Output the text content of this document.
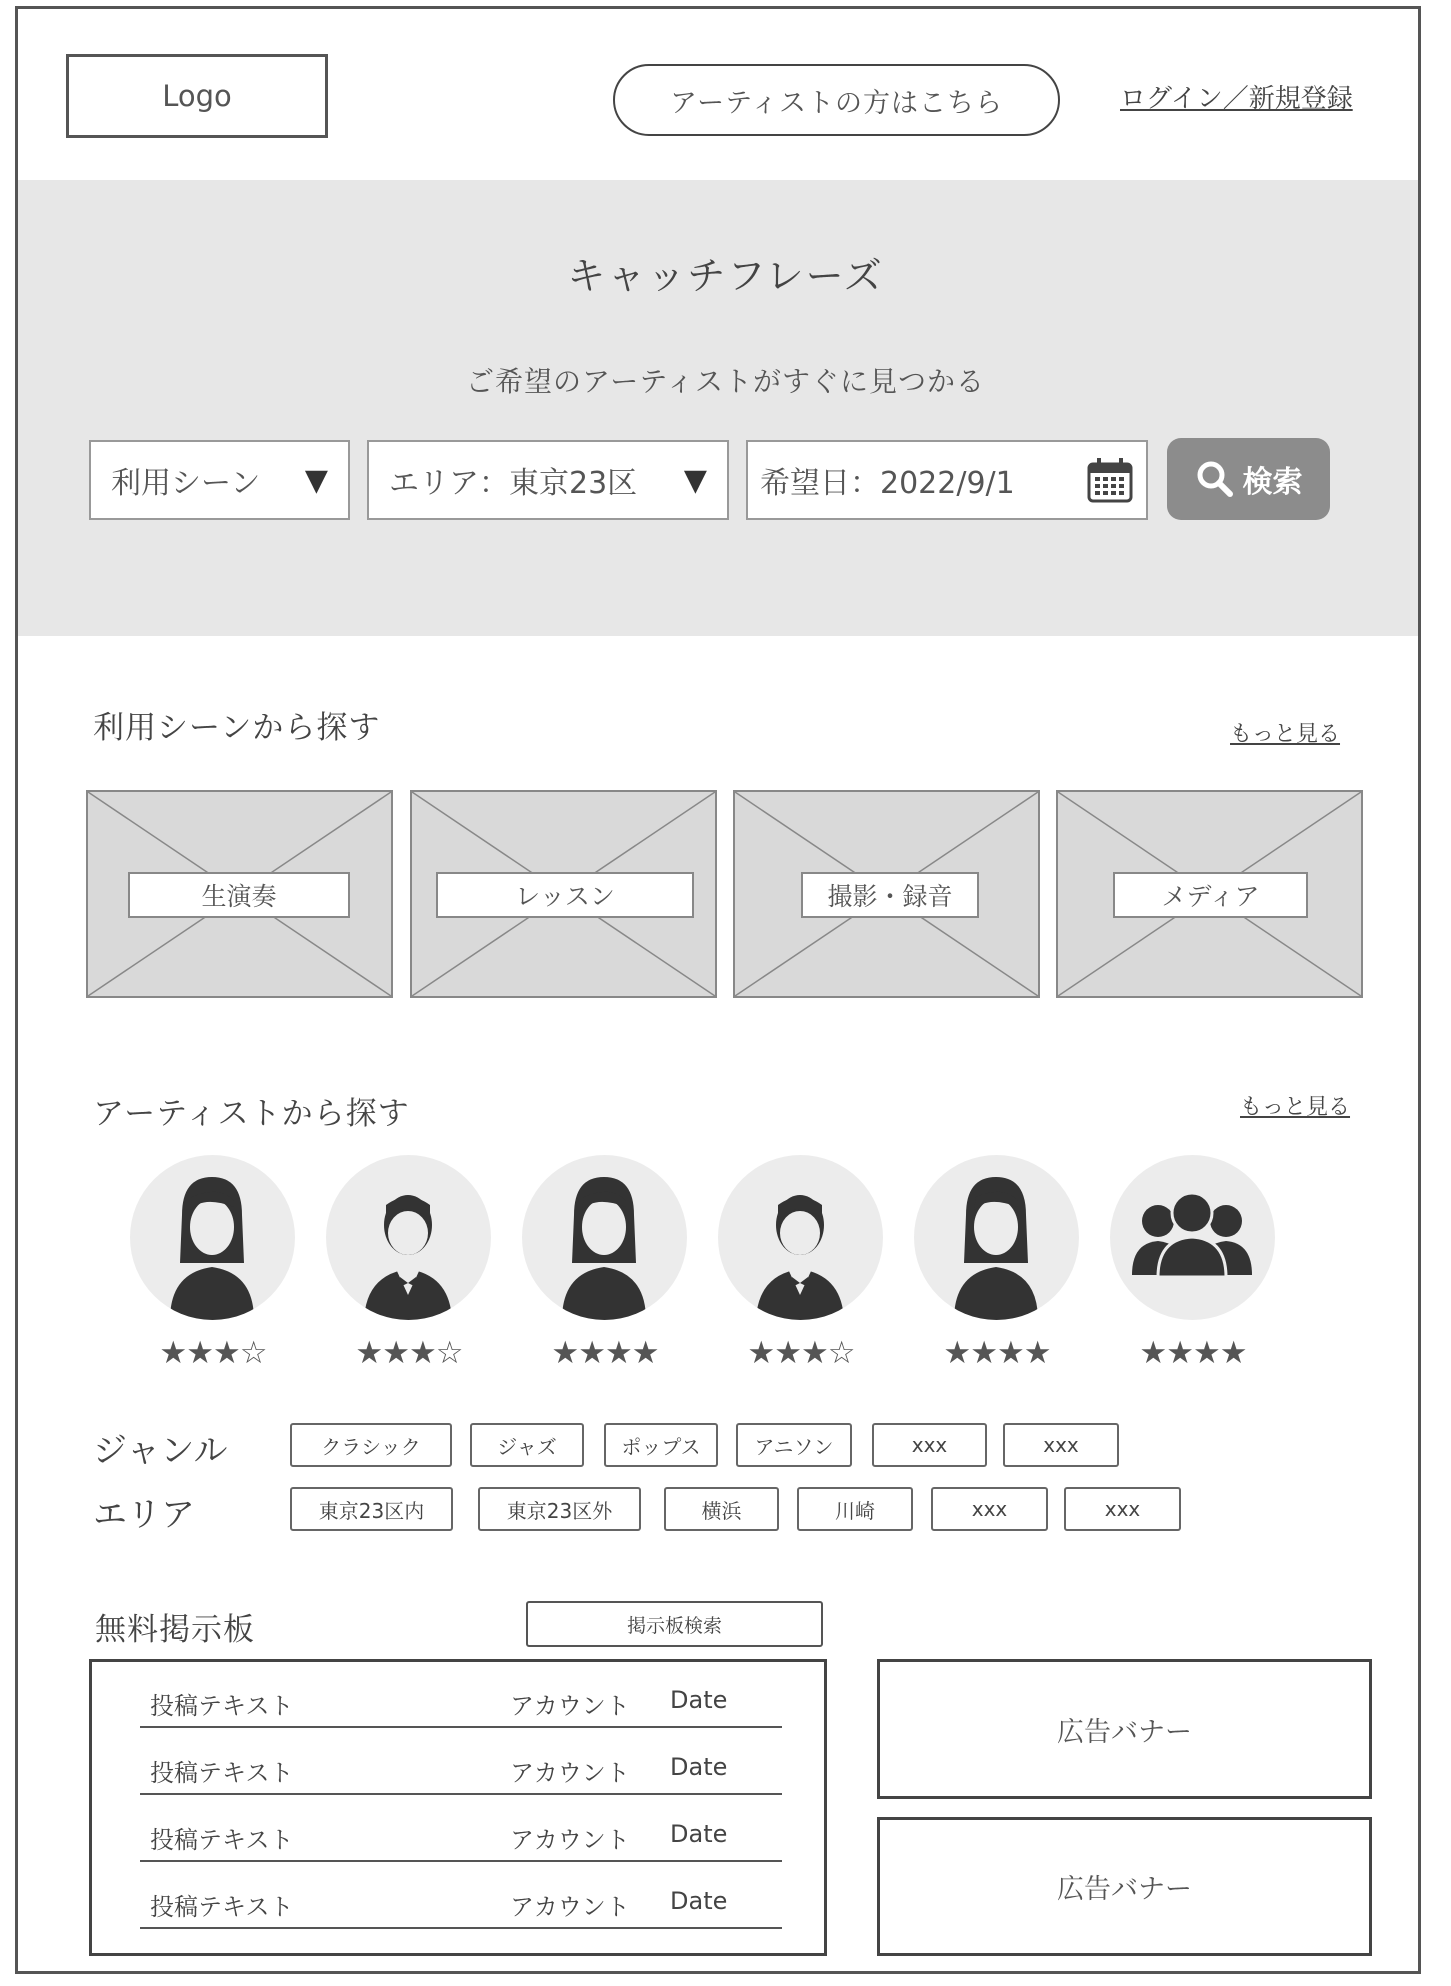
Logo	アーティストの方はこちら	ログイン／新規登録
キャッチフレーズ
ご希望のアーティストがすぐに見つかる
利用シーン ▼ エリア：東京23区 ▼ 希望日：2022/9/1	検索
利用シーンから探す	もっと見る
生演奏	レッスン	撮影・録音	メディア
アーティストから探す	もっと見る
★★★☆	★★★☆	★★★★	★★★☆	★★★★	★★★★
ジャンル	クラシック	ジャズ	ポップス	アニソン	xxx	xxx
エリア	東京23区内	東京23区外	横浜	川崎	xxx	xxx
無料掲示板	掲示板検索
投稿テキスト	アカウント Date
投稿テキスト	アカウント Date
投稿テキスト	アカウント Date
投稿テキスト	アカウント Date
広告バナー
広告バナー
